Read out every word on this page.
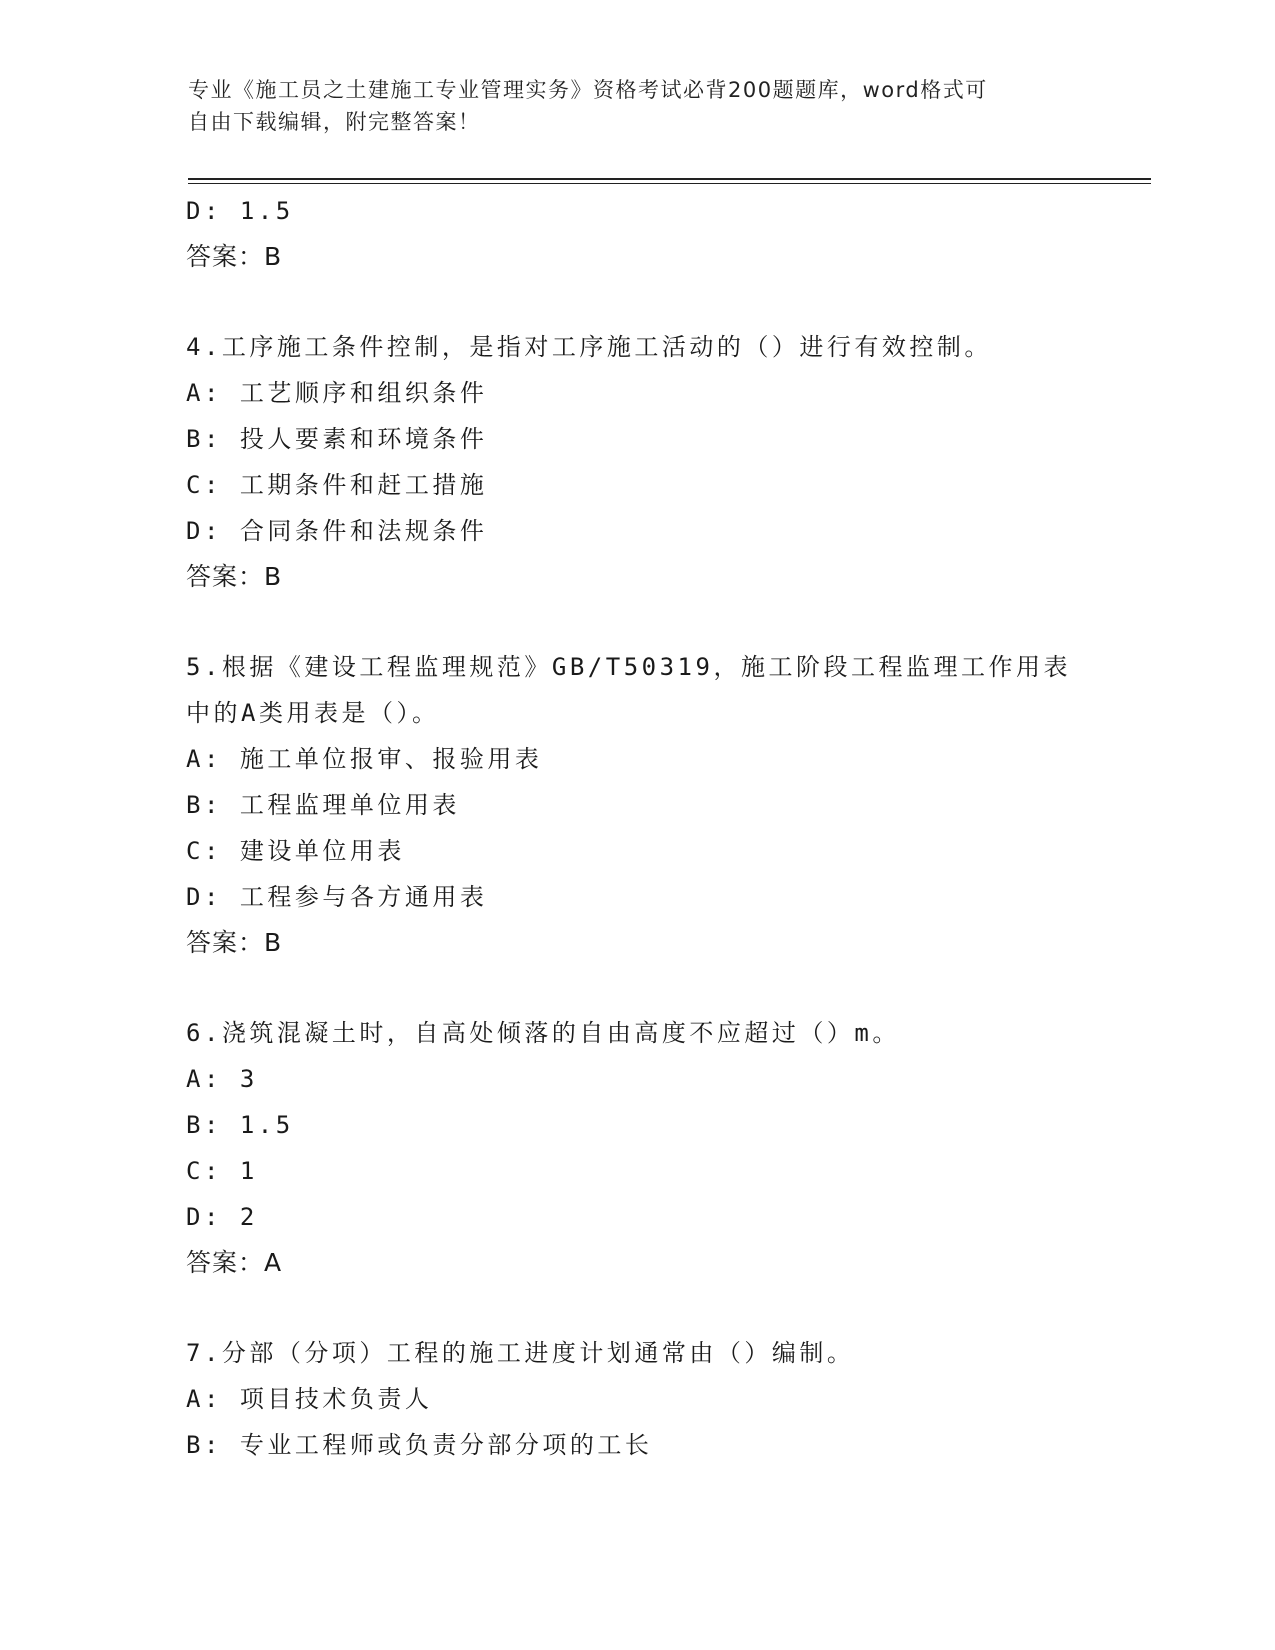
专业《施工员之土建施工专业管理实务》资格考试必背200题题库，word格式可
自由下载编辑，附完整答案！
D: 1.5
答案：B
4.工序施工条件控制，是指对工序施工活动的（）进行有效控制。
A: 工艺顺序和组织条件
B: 投人要素和环境条件
C: 工期条件和赶工措施
D: 合同条件和法规条件
答案：B
5.根据《建设工程监理规范》GB/T50319，施工阶段工程监理工作用表
中的A类用表是（）。
A: 施工单位报审、报验用表
B: 工程监理单位用表
C: 建设单位用表
D: 工程参与各方通用表
答案：B
6.浇筑混凝土时，自高处倾落的自由高度不应超过（）m。
A: 3
B: 1.5
C: 1
D: 2
答案：A
7.分部（分项）工程的施工进度计划通常由（）编制。
A: 项目技术负责人
B: 专业工程师或负责分部分项的工长
